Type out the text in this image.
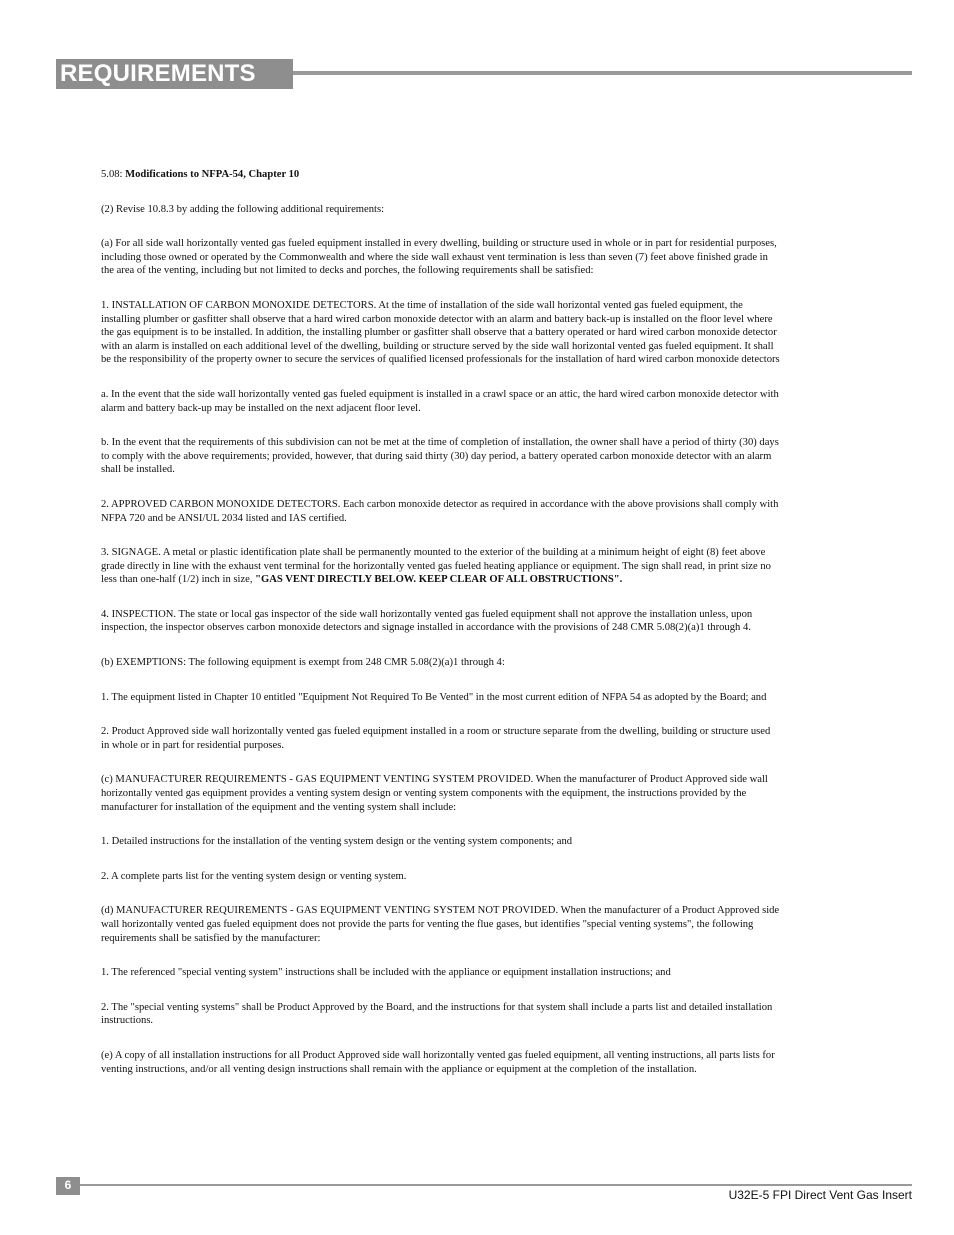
REQUIREMENTS

5.08: Modifications to NFPA-54, Chapter 10

(2) Revise 10.8.3 by adding the following additional requirements:

(a) For all side wall horizontally vented gas fueled equipment installed in every dwelling, building or structure used in whole or in part for residential purposes, including those owned or operated by the Commonwealth and where the side wall exhaust vent termination is less than seven (7) feet above finished grade in the area of the venting, including but not limited to decks and porches, the following requirements shall be satisfied:

1. INSTALLATION OF CARBON MONOXIDE DETECTORS. At the time of installation of the side wall horizontal vented gas fueled equipment, the installing plumber or gasfitter shall observe that a hard wired carbon monoxide detector with an alarm and battery back-up is installed on the floor level where the gas equipment is to be installed. In addition, the installing plumber or gasfitter shall observe that a battery operated or hard wired carbon monoxide detector with an alarm is installed on each additional level of the dwelling, building or structure served by the side wall horizontal vented gas fueled equipment. It shall be the responsibility of the property owner to secure the services of qualified licensed professionals for the installation of hard wired carbon monoxide detectors

a. In the event that the side wall horizontally vented gas fueled equipment is installed in a crawl space or an attic, the hard wired carbon monoxide detector with alarm and battery back-up may be installed on the next adjacent floor level.

b. In the event that the requirements of this subdivision can not be met at the time of completion of installation, the owner shall have a period of thirty (30) days to comply with the above requirements; provided, however, that during said thirty (30) day period, a battery operated carbon monoxide detector with an alarm shall be installed.

2. APPROVED CARBON MONOXIDE DETECTORS. Each carbon monoxide detector as required in accordance with the above provisions shall comply with NFPA 720 and be ANSI/UL 2034 listed and IAS certified.

3. SIGNAGE. A metal or plastic identification plate shall be permanently mounted to the exterior of the building at a minimum height of eight (8) feet above grade directly in line with the exhaust vent terminal for the horizontally vented gas fueled heating appliance or equipment. The sign shall read, in print size no less than one-half (1/2) inch in size, "GAS VENT DIRECTLY BELOW. KEEP CLEAR OF ALL OBSTRUCTIONS".

4. INSPECTION. The state or local gas inspector of the side wall horizontally vented gas fueled equipment shall not approve the installation unless, upon inspection, the inspector observes carbon monoxide detectors and signage installed in accordance with the provisions of 248 CMR 5.08(2)(a)1 through 4.

(b) EXEMPTIONS: The following equipment is exempt from 248 CMR 5.08(2)(a)1 through 4:

1. The equipment listed in Chapter 10 entitled "Equipment Not Required To Be Vented" in the most current edition of NFPA 54 as adopted by the Board; and

2. Product Approved side wall horizontally vented gas fueled equipment installed in a room or structure separate from the dwelling, building or structure used in whole or in part for residential purposes.

(c) MANUFACTURER REQUIREMENTS - GAS EQUIPMENT VENTING SYSTEM PROVIDED. When the manufacturer of Product Approved side wall horizontally vented gas equipment provides a venting system design or venting system components with the equipment, the instructions provided by the manufacturer for installation of the equipment and the venting system shall include:

1. Detailed instructions for the installation of the venting system design or the venting system components; and

2. A complete parts list for the venting system design or venting system.

(d) MANUFACTURER REQUIREMENTS - GAS EQUIPMENT VENTING SYSTEM NOT PROVIDED. When the manufacturer of a Product Approved side wall horizontally vented gas fueled equipment does not provide the parts for venting the flue gases, but identifies "special venting systems", the following requirements shall be satisfied by the manufacturer:

1. The referenced "special venting system" instructions shall be included with the appliance or equipment installation instructions; and

2. The "special venting systems" shall be Product Approved by the Board, and the instructions for that system shall include a parts list and detailed installation instructions.

(e) A copy of all installation instructions for all Product Approved side wall horizontally vented gas fueled equipment, all venting instructions, all parts lists for venting instructions, and/or all venting design instructions shall remain with the appliance or equipment at the completion of the installation.

6
U32E-5 FPI Direct Vent Gas Insert
